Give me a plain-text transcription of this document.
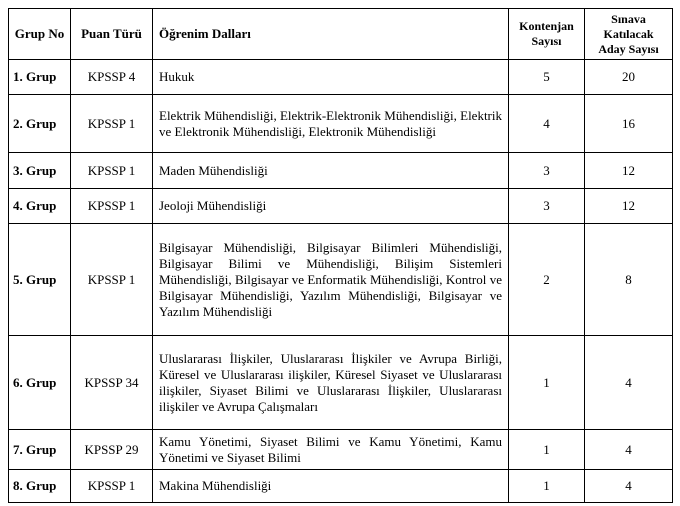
Grup No	Puan Türü	Öğrenim Dalları	Kontenjan Sayısı	Sınava Katılacak Aday Sayısı
1. Grup	KPSSP 4	Hukuk	5	20
2. Grup	KPSSP 1	Elektrik Mühendisliği, Elektrik-Elektronik Mühendisliği, Elektrik ve Elektronik Mühendisliği, Elektronik Mühendisliği	4	16
3. Grup	KPSSP 1	Maden Mühendisliği	3	12
4. Grup	KPSSP 1	Jeoloji Mühendisliği	3	12
5. Grup	KPSSP 1	Bilgisayar Mühendisliği, Bilgisayar Bilimleri Mühendisliği, Bilgisayar Bilimi ve Mühendisliği, Bilişim Sistemleri Mühendisliği, Bilgisayar ve Enformatik Mühendisliği, Kontrol ve Bilgisayar Mühendisliği, Yazılım Mühendisliği, Bilgisayar ve Yazılım Mühendisliği	2	8
6. Grup	KPSSP 34	Uluslararası İlişkiler, Uluslararası İlişkiler ve Avrupa Birliği, Küresel ve Uluslararası ilişkiler, Küresel Siyaset ve Uluslararası ilişkiler, Siyaset Bilimi ve Uluslararası İlişkiler, Uluslararası ilişkiler ve Avrupa Çalışmaları	1	4
7. Grup	KPSSP 29	Kamu Yönetimi, Siyaset Bilimi ve Kamu Yönetimi, Kamu Yönetimi ve Siyaset Bilimi	1	4
8. Grup	KPSSP 1	Makina Mühendisliği	1	4
